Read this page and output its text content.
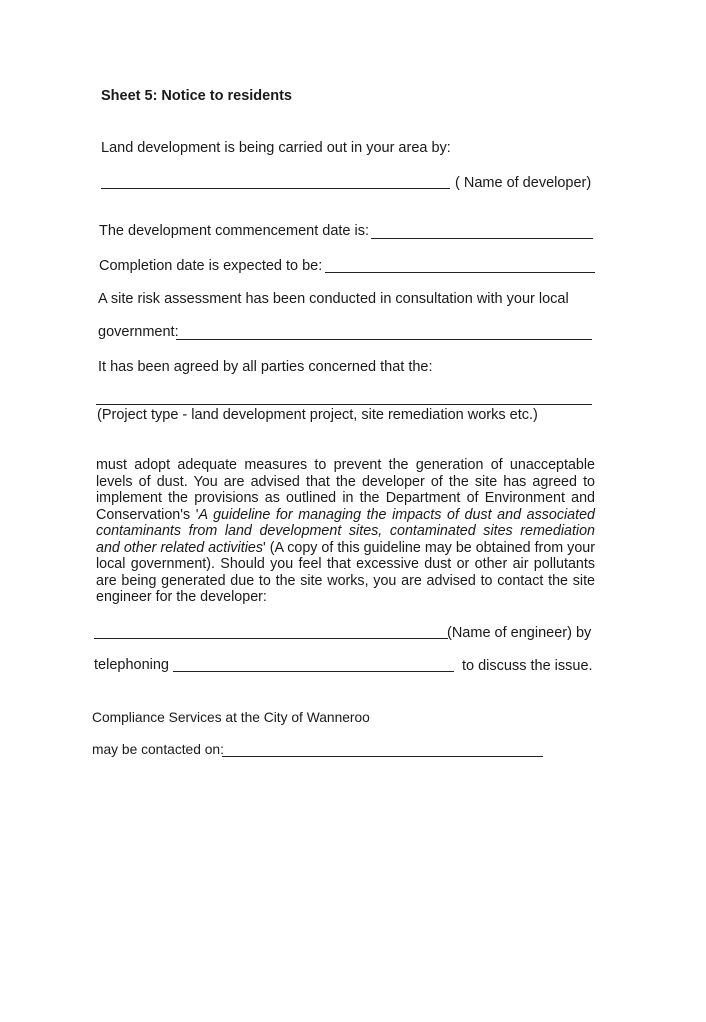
Sheet 5: Notice to residents
Land development is being carried out in your area by:
( Name of developer)
The development commencement date is:
Completion date is expected to be:
A site risk assessment has been conducted in consultation with your local
government:
It has been agreed by all parties concerned that the:
(Project type - land development project, site remediation works etc.)
must adopt adequate measures to prevent the generation of unacceptable levels of dust. You are advised that the developer of the site has agreed to implement the provisions as outlined in the Department of Environment and Conservation's 'A guideline for managing the impacts of dust and associated contaminants from land development sites, contaminated sites remediation and other related activities' (A copy of this guideline may be obtained from your local government). Should you feel that excessive dust or other air pollutants are being generated due to the site works, you are advised to contact the site engineer for the developer:
(Name of engineer) by
telephoning	to discuss the issue.
Compliance Services at the City of Wanneroo
may be contacted on:
